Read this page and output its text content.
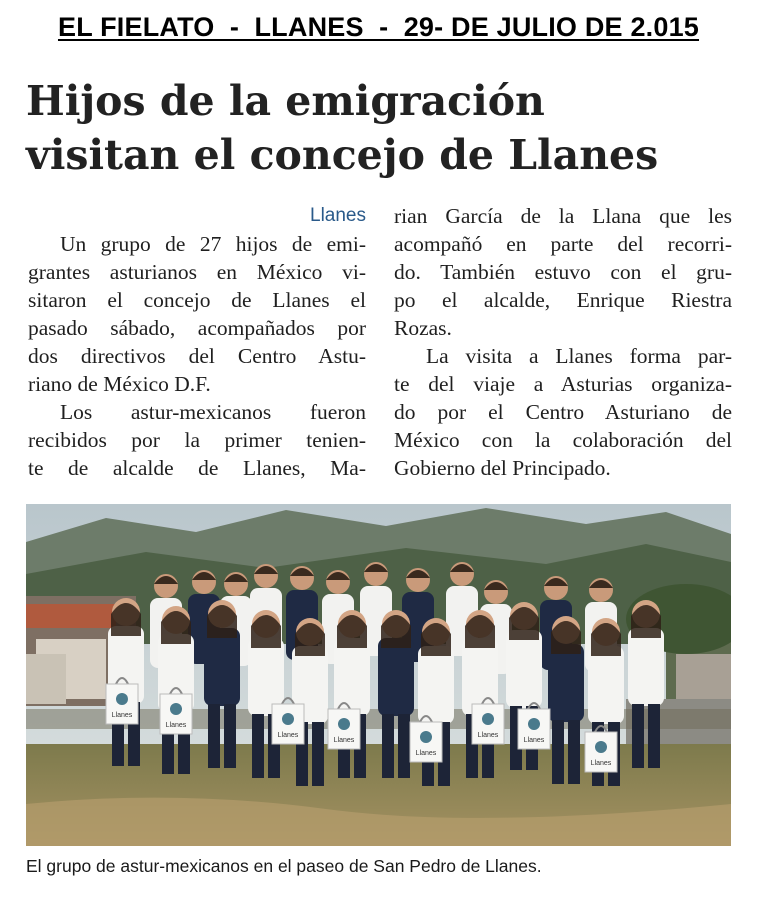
EL FIELATO  -  LLANES  -  29- DE JULIO DE 2.015
Hijos de la emigración
visitan el concejo de Llanes
Llanes
Un grupo de 27 hijos de emi-
grantes asturianos en México vi-
sitaron el concejo de Llanes el
pasado sábado, acompañados por
dos directivos del Centro Astu-
riano de México D.F.
Los astur-mexicanos fueron
recibidos por la primer tenien-
te de alcalde de Llanes, Ma-
rian García de la Llana que les
acompañó en parte del recorri-
do. También estuvo con el gru-
po el alcalde, Enrique Riestra
Rozas.
La visita a Llanes forma par-
te del viaje a Asturias organiza-
do por el Centro Asturiano de
México con la colaboración del
Gobierno del Principado.
Llanes
Llanes
Llanes
Llanes
Llanes
Llanes
Llanes
Llanes
El grupo de astur-mexicanos en el paseo de San Pedro de Llanes.
